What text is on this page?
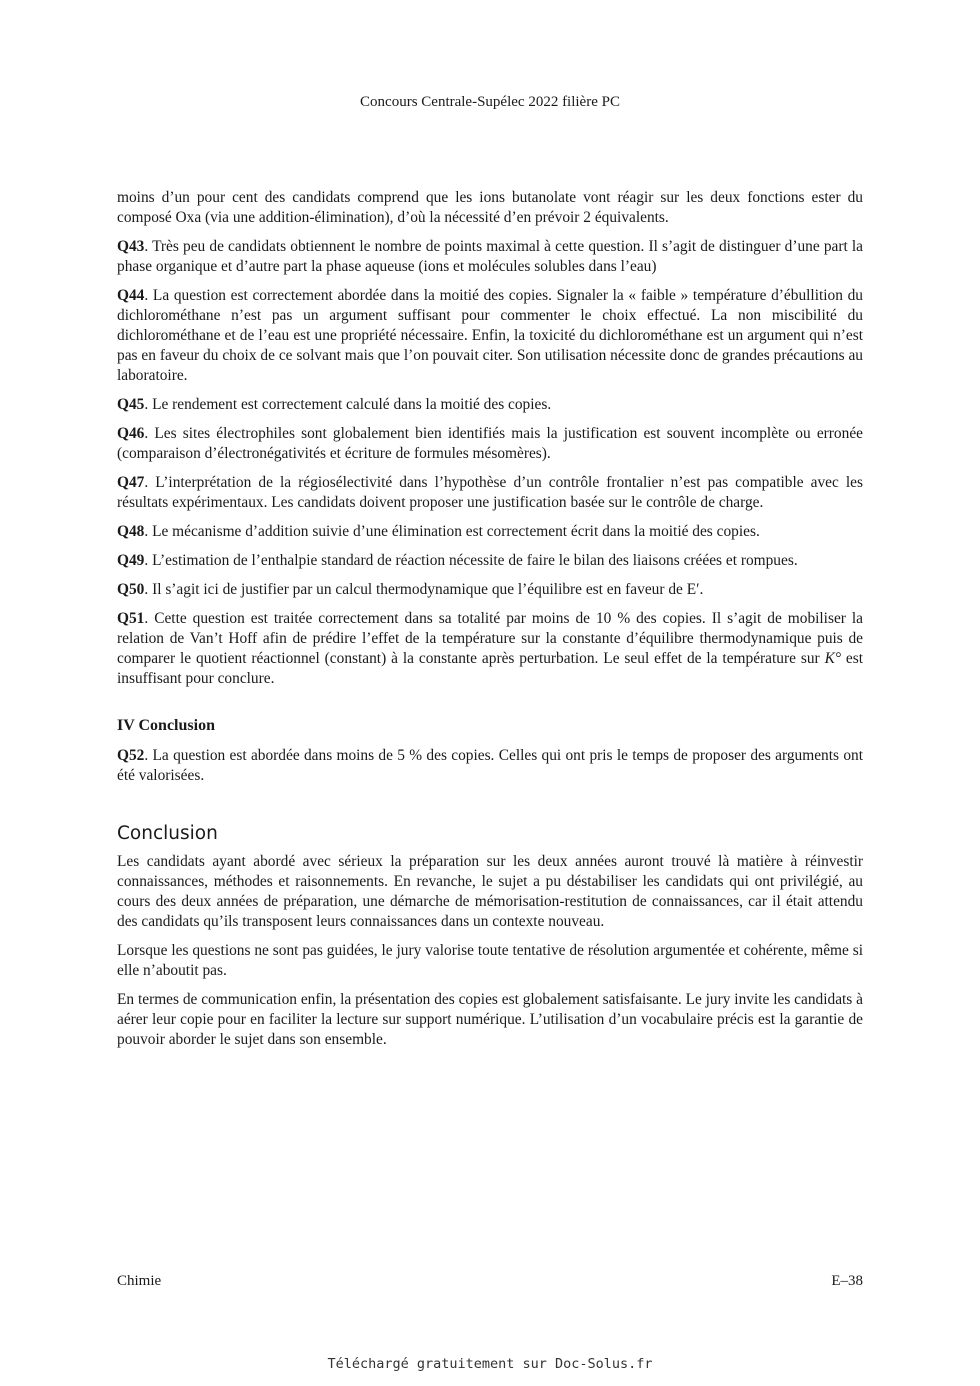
Concours Centrale-Supélec 2022 filière PC

moins d’un pour cent des candidats comprend que les ions butanolate vont réagir sur les deux fonctions ester du composé Oxa (via une addition-élimination), d’où la nécessité d’en prévoir 2 équivalents.

Q43. Très peu de candidats obtiennent le nombre de points maximal à cette question. Il s’agit de distinguer d’une part la phase organique et d’autre part la phase aqueuse (ions et molécules solubles dans l’eau)

Q44. La question est correctement abordée dans la moitié des copies. Signaler la « faible » température d’ébullition du dichlorométhane n’est pas un argument suffisant pour commenter le choix effectué. La non miscibilité du dichlorométhane et de l’eau est une propriété nécessaire. Enfin, la toxicité du dichlorométhane est un argument qui n’est pas en faveur du choix de ce solvant mais que l’on pouvait citer. Son utilisation nécessite donc de grandes précautions au laboratoire.

Q45. Le rendement est correctement calculé dans la moitié des copies.

Q46. Les sites électrophiles sont globalement bien identifiés mais la justification est souvent incomplète ou erronée (comparaison d’électronégativités et écriture de formules mésomères).

Q47. L’interprétation de la régiosélectivité dans l’hypothèse d’un contrôle frontalier n’est pas compatible avec les résultats expérimentaux. Les candidats doivent proposer une justification basée sur le contrôle de charge.

Q48. Le mécanisme d’addition suivie d’une élimination est correctement écrit dans la moitié des copies.

Q49. L’estimation de l’enthalpie standard de réaction nécessite de faire le bilan des liaisons créées et rompues.

Q50. Il s’agit ici de justifier par un calcul thermodynamique que l’équilibre est en faveur de E′.

Q51. Cette question est traitée correctement dans sa totalité par moins de 10 % des copies. Il s’agit de mobiliser la relation de Van’t Hoff afin de prédire l’effet de la température sur la constante d’équilibre thermodynamique puis de comparer le quotient réactionnel (constant) à la constante après perturbation. Le seul effet de la température sur K° est insuffisant pour conclure.

IV Conclusion

Q52. La question est abordée dans moins de 5 % des copies. Celles qui ont pris le temps de proposer des arguments ont été valorisées.

Conclusion

Les candidats ayant abordé avec sérieux la préparation sur les deux années auront trouvé là matière à réinvestir connaissances, méthodes et raisonnements. En revanche, le sujet a pu déstabiliser les candidats qui ont privilégié, au cours des deux années de préparation, une démarche de mémorisation-restitution de connaissances, car il était attendu des candidats qu’ils transposent leurs connaissances dans un contexte nouveau.

Lorsque les questions ne sont pas guidées, le jury valorise toute tentative de résolution argumentée et cohérente, même si elle n’aboutit pas.

En termes de communication enfin, la présentation des copies est globalement satisfaisante. Le jury invite les candidats à aérer leur copie pour en faciliter la lecture sur support numérique. L’utilisation d’un vocabulaire précis est la garantie de pouvoir aborder le sujet dans son ensemble.

Chimie	E–38
Téléchargé gratuitement sur Doc-Solus.fr
